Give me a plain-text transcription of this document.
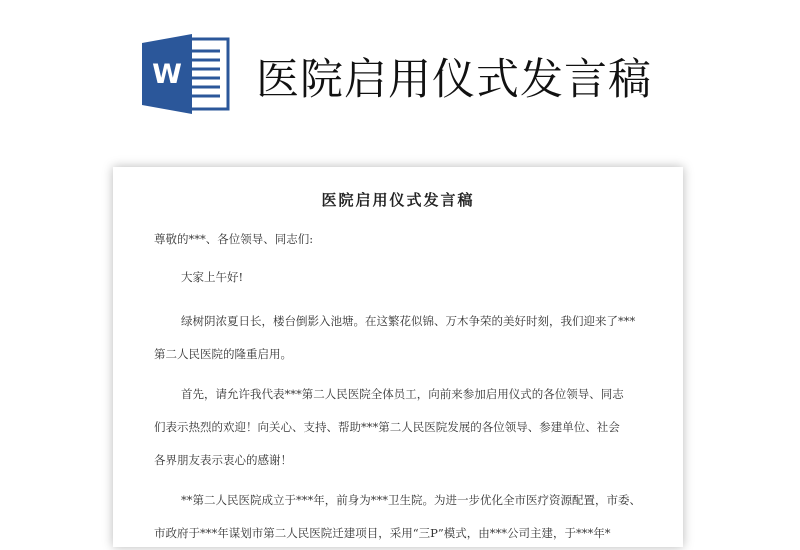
W 医院启用仪式发言稿
医院启用仪式发言稿

尊敬的***、各位领导、同志们:

大家上午好!

绿树阴浓夏日长，楼台倒影入池塘。在这繁花似锦、万木争荣的美好时刻，我们迎来了***
第二人民医院的隆重启用。

首先，请允许我代表***第二人民医院全体员工，向前来参加启用仪式的各位领导、同志
们表示热烈的欢迎！向关心、支持、帮助***第二人民医院发展的各位领导、参建单位、社会
各界朋友表示衷心的感谢！

**第二人民医院成立于***年，前身为***卫生院。为进一步优化全市医疗资源配置，市委、
市政府于***年谋划市第二人民医院迁建项目，采用“三P”模式，由***公司主建，于***年*
